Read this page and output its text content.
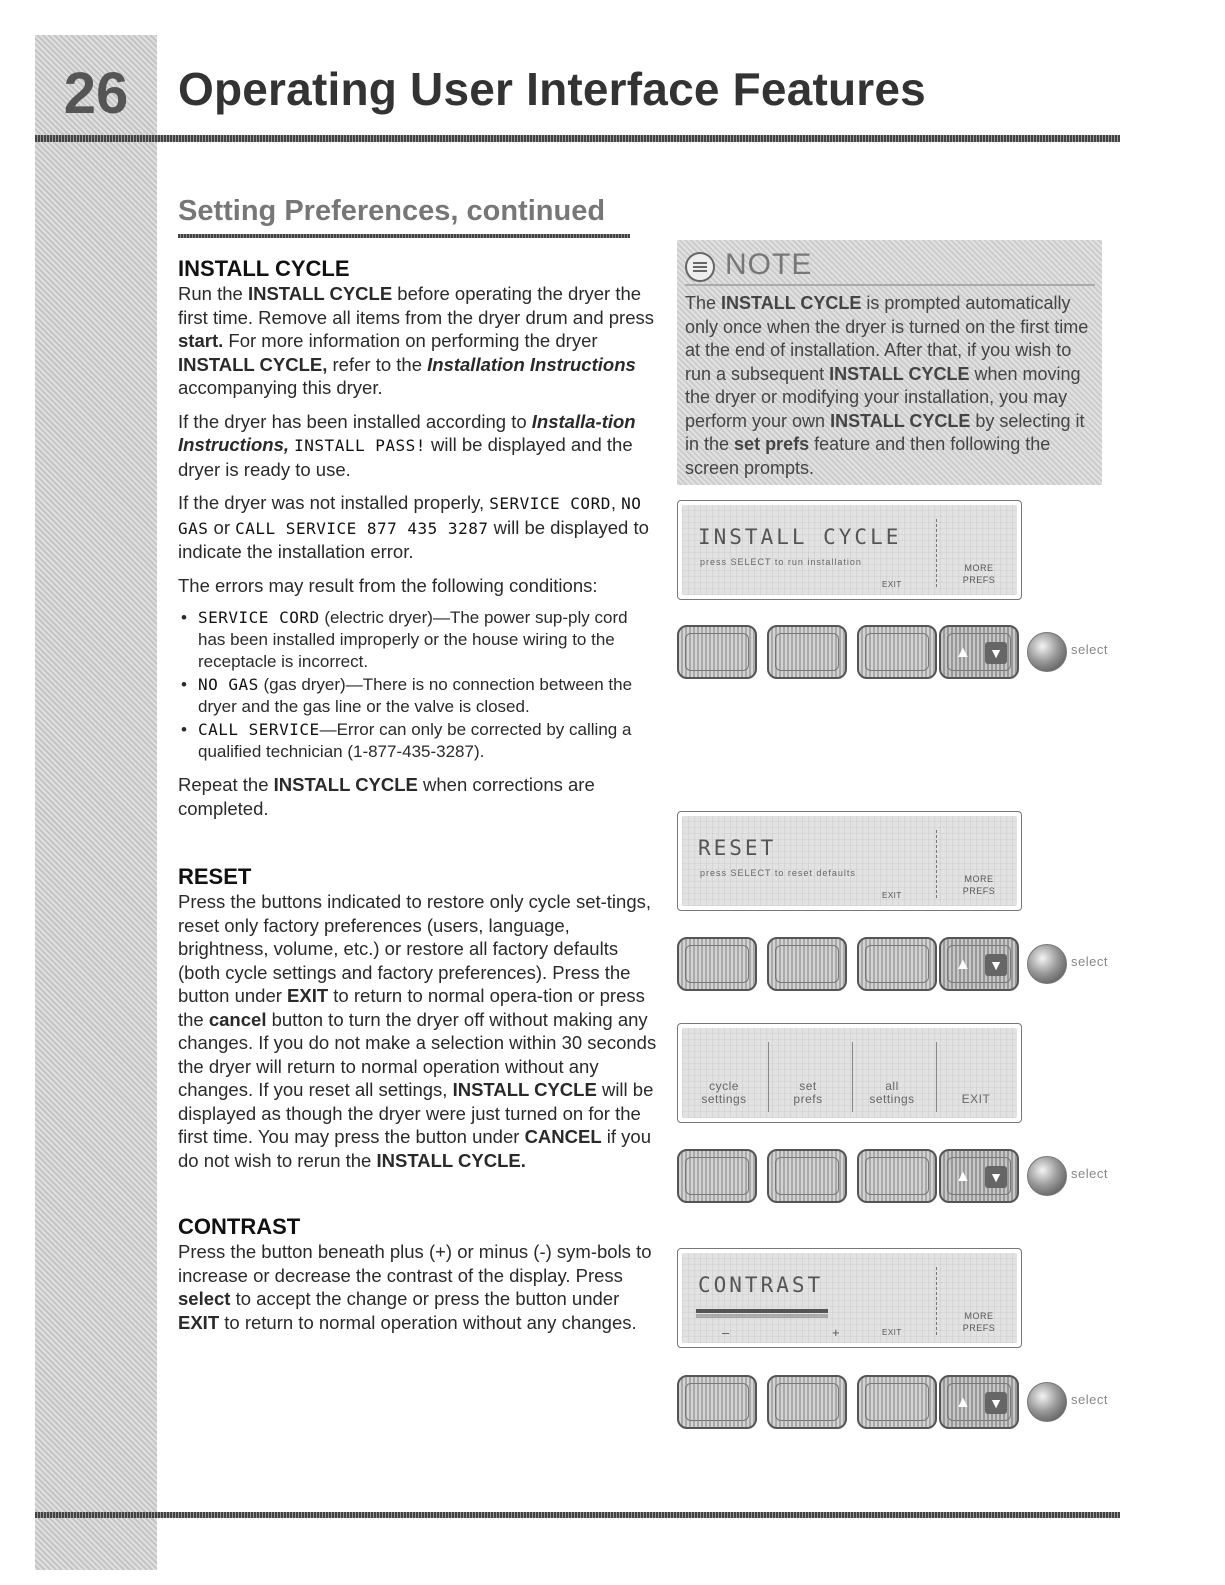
26	Operating User Interface Features
Setting Preferences, continued
INSTALL CYCLE

Run the INSTALL CYCLE before operating the dryer the first time. Remove all items from the dryer drum and press start. For more information on performing the dryer INSTALL CYCLE, refer to the Installation Instructions accompanying this dryer.

If the dryer has been installed according to Installa-tion Instructions, INSTALL PASS! will be displayed and the dryer is ready to use.

If the dryer was not installed properly, SERVICE CORD, NO GAS or CALL SERVICE 877 435 3287 will be displayed to indicate the installation error.

The errors may result from the following conditions:

• SERVICE CORD (electric dryer)—The power sup-ply cord has been installed improperly or the house wiring to the receptacle is incorrect.
• NO GAS (gas dryer)—There is no connection between the dryer and the gas line or the valve is closed.
• CALL SERVICE—Error can only be corrected by calling a qualified technician (1-877-435-3287).

Repeat the INSTALL CYCLE when corrections are completed.

RESET

Press the buttons indicated to restore only cycle set-tings, reset only factory preferences (users, language, brightness, volume, etc.) or restore all factory defaults (both cycle settings and factory preferences). Press the button under EXIT to return to normal opera-tion or press the cancel button to turn the dryer off without making any changes. If you do not make a selection within 30 seconds the dryer will return to normal operation without any changes. If you reset all settings, INSTALL CYCLE will be displayed as though the dryer were just turned on for the first time. You may press the button under CANCEL if you do not wish to rerun the INSTALL CYCLE.

CONTRAST

Press the button beneath plus (+) or minus (-) sym-bols to increase or decrease the contrast of the display. Press select to accept the change or press the button under EXIT to return to normal operation without any changes.

NOTE
The INSTALL CYCLE is prompted automatically only once when the dryer is turned on the first time at the end of installation. After that, if you wish to run a subsequent INSTALL CYCLE when moving the dryer or modifying your installation, you may perform your own INSTALL CYCLE by selecting it in the set prefs feature and then following the screen prompts.
INSTALL CYCLE
press SELECT to run installation
EXIT
MORE
PREFS
▲ ▼	select
RESET
press SELECT to reset defaults
EXIT
MORE
PREFS
▲ ▼	select
cycle
settings
set
prefs
all
settings	EXIT
▲ ▼	select
CONTRAST
–	+	EXIT
MORE
PREFS
▲ ▼	select
